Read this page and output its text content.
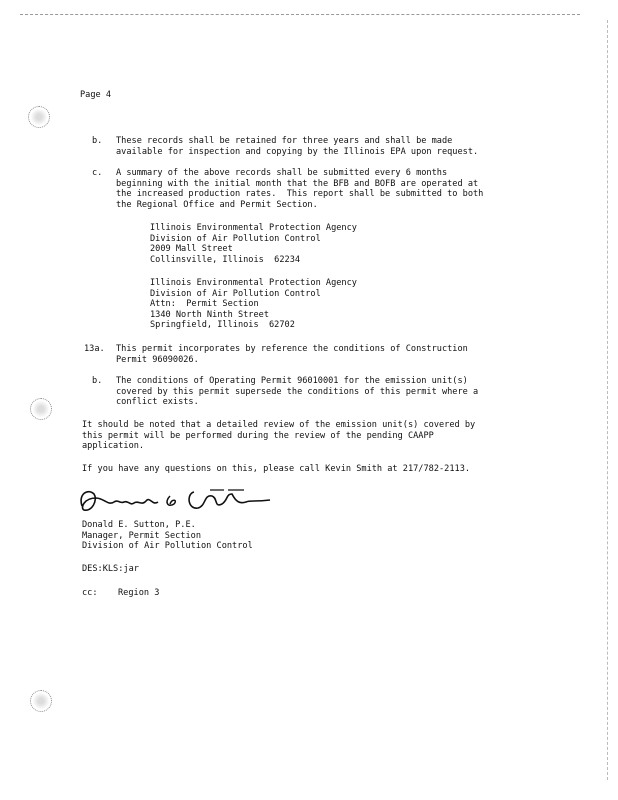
Page 4
b. These records shall be retained for three years and shall be made
available for inspection and copying by the Illinois EPA upon request.
c. A summary of the above records shall be submitted every 6 months
beginning with the initial month that the BFB and BOFB are operated at
the increased production rates.  This report shall be submitted to both
the Regional Office and Permit Section.
Illinois Environmental Protection Agency
Division of Air Pollution Control
2009 Mall Street
Collinsville, Illinois  62234
Illinois Environmental Protection Agency
Division of Air Pollution Control
Attn:  Permit Section
1340 North Ninth Street
Springfield, Illinois  62702
13a. This permit incorporates by reference the conditions of Construction
Permit 96090026.
b. The conditions of Operating Permit 96010001 for the emission unit(s)
covered by this permit supersede the conditions of this permit where a
conflict exists.
It should be noted that a detailed review of the emission unit(s) covered by
this permit will be performed during the review of the pending CAAPP
application.
If you have any questions on this, please call Kevin Smith at 217/782-2113.
Donald E. Sutton, P.E.
Manager, Permit Section
Division of Air Pollution Control
DES:KLS:jar
cc: Region 3
